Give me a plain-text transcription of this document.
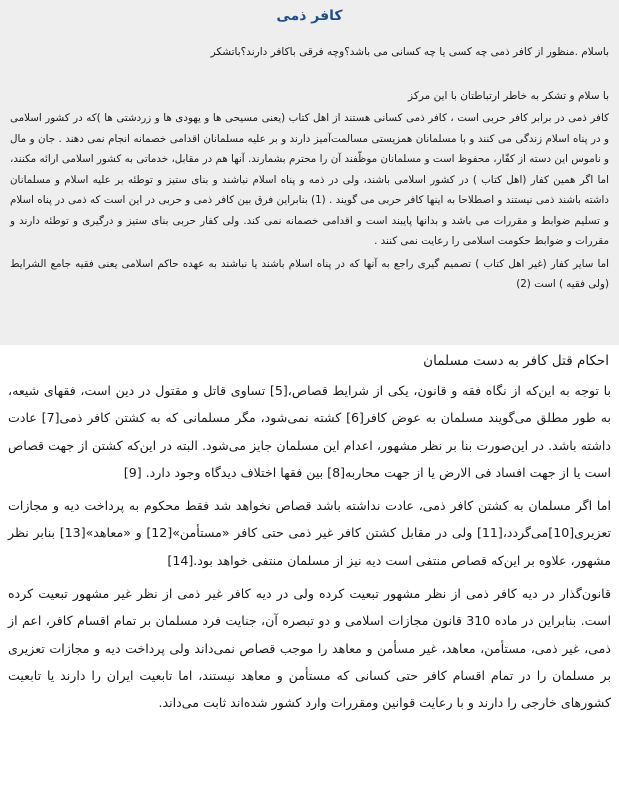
کافر ذمی

باسلام .منظور از کافر ذمی چه کسی یا چه کسانی می باشد؟وچه فرقی باکافر دارند؟باتشکر

با سلام و تشکر به خاطر ارتباطتان با این مرکز

کافر ذمی در برابر کافر حربی است ، کافر ذمی کسانی هستند از اهل کتاب (یعنی مسیحی ها و یهودی ها و زردشتی ها )که در کشور اسلامی و در پناه اسلام زندگی می کنند و با مسلمانان همزیستی مسالمت‌آمیز دارند و بر علیه مسلمانان اقدامی خصمانه انجام نمی دهند . جان و مال و ناموس این دسته از کفّار، محفوظ است و مسلمانان موظّفند آن را محترم بشمارند. آنها هم در مقابل، خدماتی به کشور اسلامی ارائه مکنند، اما اگر همین کفار (اهل کتاب ) در کشور اسلامی باشند، ولی در ذمه و پناه اسلام نباشند و بنای ستیز و توطئه بر علیه اسلام و مسلمانان داشته باشند ذمی نیستند و اصطلاحا به اینها کافر حربی می گویند . (1) بنابراین فرق بین کافر ذمی و حربی در این است که ذمی در پناه اسلام و تسلیم ضوابط و مقررات می باشد و بدانها پایبند است و اقدامی خصمانه نمی کند. ولی کفار حربی بنای ستیز و درگیری و توطئه دارند و مقررات و ضوابط حکومت اسلامی را رعایت نمی کنند .

اما سایر کفار (غیر اهل کتاب ) تصمیم گیری راجع به آنها که در پناه اسلام باشند یا نباشند به عهده حاکم اسلامی یعنی فقیه جامع الشرایط (ولی فقیه ) است (2)

احکام قتل کافر به دست مسلمان

با توجه به این‌که از نگاه فقه و قانون، یکی از شرایط قصاص،[5] تساوی قاتل و مقتول در دین است، فقهای شیعه، به طور مطلق می‌گویند مسلمان به عوض کافر[6] کشته نمی‌شود، مگر مسلمانی که به کشتن کافر ذمی[7] عادت داشته باشد. در این‌صورت بنا بر نظر مشهور، اعدام این مسلمان جایز می‌شود. البته در این‌که کشتن از جهت قصاص است یا از جهت افساد فی الارض یا از جهت محاربه[8] بین فقها اختلاف دیدگاه وجود دارد. [9]

اما اگر مسلمان به کشتن کافر ذمی، عادت نداشته باشد قصاص نخواهد شد فقط محکوم به پرداخت دیه و مجازات تعزیری[10]می‌گردد،[11] ولی در مقابل کشتن کافر غیر ذمی حتی کافر «مستأمن»[12] و «معاهد»[13] بنابر نظر مشهور، علاوه بر این‌که قصاص منتفی است دیه نیز از مسلمان منتفی خواهد بود.[14]

قانون‌گذار در دیه کافر ذمی از نظر مشهور تبعیت کرده ولی در دیه کافر غیر ذمی از نظر غیر مشهور تبعیت کرده است. بنابراین در ماده 310 قانون مجازات اسلامی و دو تبصره آن، جنایت فرد مسلمان بر تمام اقسام کافر، اعم از ذمی، غیر ذمی، مستأمن، معاهد، غیر مسأمن و معاهد را موجب قصاص نمی‌داند ولی پرداخت دیه و مجازات تعزیری بر مسلمان را در تمام اقسام کافر حتی کسانی که مستأمن و معاهد نیستند، اما تابعیت ایران را دارند یا تابعیت کشورهای خارجی را دارند و با رعایت قوانین ومقررات وارد کشور شده‌اند ثابت می‌داند.
